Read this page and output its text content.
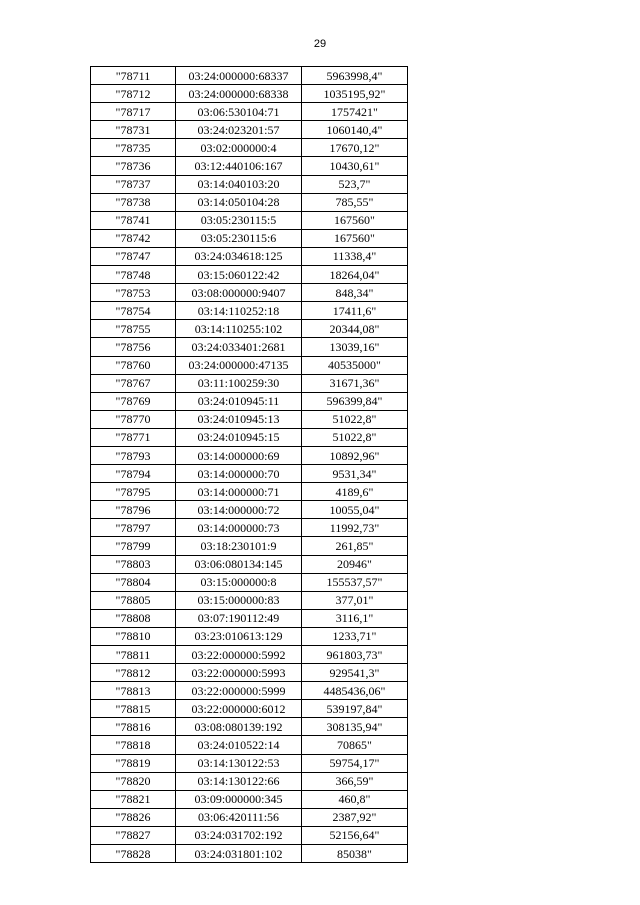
29
"78711	03:24:000000:68337	5963998,4"
"78712	03:24:000000:68338	1035195,92"
"78717	03:06:530104:71	1757421"
"78731	03:24:023201:57	1060140,4"
"78735	03:02:000000:4	17670,12"
"78736	03:12:440106:167	10430,61"
"78737	03:14:040103:20	523,7"
"78738	03:14:050104:28	785,55"
"78741	03:05:230115:5	167560"
"78742	03:05:230115:6	167560"
"78747	03:24:034618:125	11338,4"
"78748	03:15:060122:42	18264,04"
"78753	03:08:000000:9407	848,34"
"78754	03:14:110252:18	17411,6"
"78755	03:14:110255:102	20344,08"
"78756	03:24:033401:2681	13039,16"
"78760	03:24:000000:47135	40535000"
"78767	03:11:100259:30	31671,36"
"78769	03:24:010945:11	596399,84"
"78770	03:24:010945:13	51022,8"
"78771	03:24:010945:15	51022,8"
"78793	03:14:000000:69	10892,96"
"78794	03:14:000000:70	9531,34"
"78795	03:14:000000:71	4189,6"
"78796	03:14:000000:72	10055,04"
"78797	03:14:000000:73	11992,73"
"78799	03:18:230101:9	261,85"
"78803	03:06:080134:145	20946"
"78804	03:15:000000:8	155537,57"
"78805	03:15:000000:83	377,01"
"78808	03:07:190112:49	3116,1"
"78810	03:23:010613:129	1233,71"
"78811	03:22:000000:5992	961803,73"
"78812	03:22:000000:5993	929541,3"
"78813	03:22:000000:5999	4485436,06"
"78815	03:22:000000:6012	539197,84"
"78816	03:08:080139:192	308135,94"
"78818	03:24:010522:14	70865"
"78819	03:14:130122:53	59754,17"
"78820	03:14:130122:66	366,59"
"78821	03:09:000000:345	460,8"
"78826	03:06:420111:56	2387,92"
"78827	03:24:031702:192	52156,64"
"78828	03:24:031801:102	85038"
